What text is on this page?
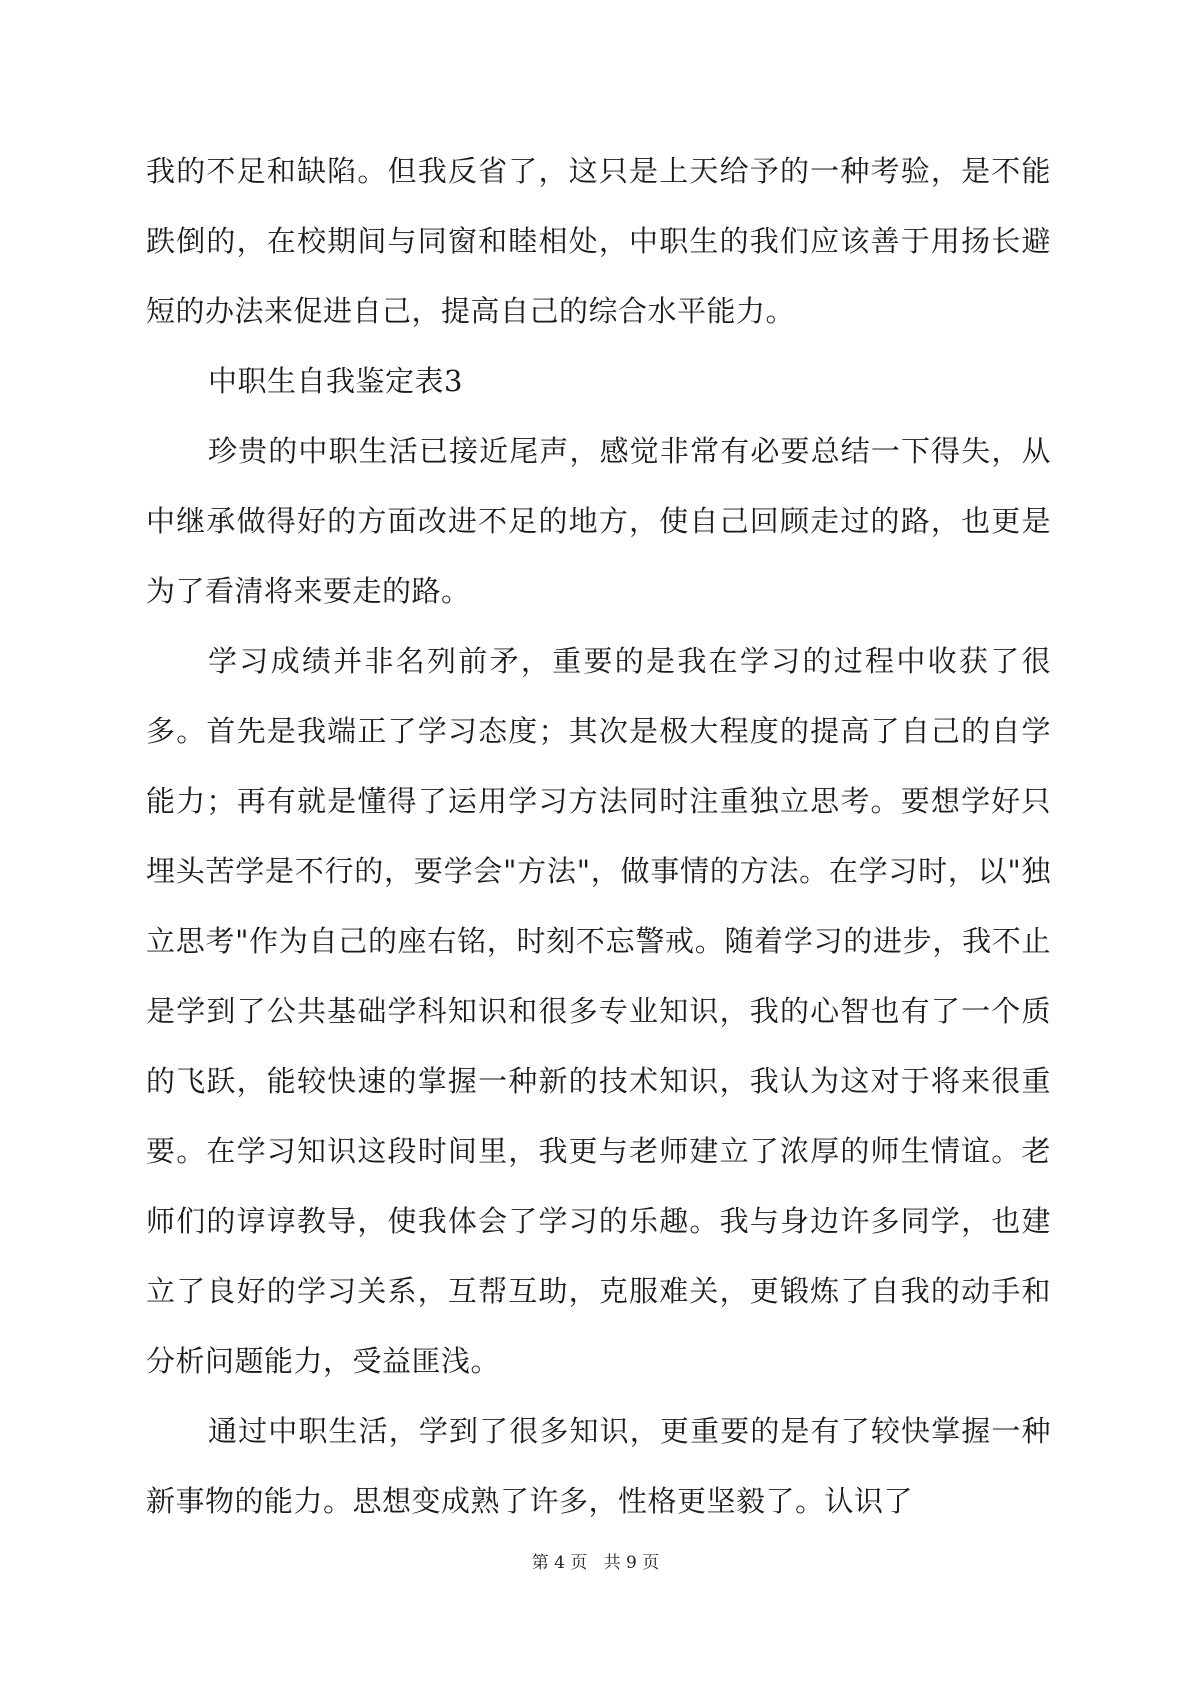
我的不足和缺陷。但我反省了，这只是上天给予的一种考验，是不能跌倒的，在校期间与同窗和睦相处，中职生的我们应该善于用扬长避短的办法来促进自己，提高自己的综合水平能力。

中职生自我鉴定表3

珍贵的中职生活已接近尾声，感觉非常有必要总结一下得失，从中继承做得好的方面改进不足的地方，使自己回顾走过的路，也更是为了看清将来要走的路。

学习成绩并非名列前矛，重要的是我在学习的过程中收获了很多。首先是我端正了学习态度；其次是极大程度的提高了自己的自学能力；再有就是懂得了运用学习方法同时注重独立思考。要想学好只埋头苦学是不行的，要学会"方法"，做事情的方法。在学习时，以"独立思考"作为自己的座右铭，时刻不忘警戒。随着学习的进步，我不止是学到了公共基础学科知识和很多专业知识，我的心智也有了一个质的飞跃，能较快速的掌握一种新的技术知识，我认为这对于将来很重要。在学习知识这段时间里，我更与老师建立了浓厚的师生情谊。老师们的谆谆教导，使我体会了学习的乐趣。我与身边许多同学，也建立了良好的学习关系，互帮互助，克服难关，更锻炼了自我的动手和分析问题能力，受益匪浅。

通过中职生活，学到了很多知识，更重要的是有了较快掌握一种新事物的能力。思想变成熟了许多，性格更坚毅了。认识了

第 4 页   共 9 页
